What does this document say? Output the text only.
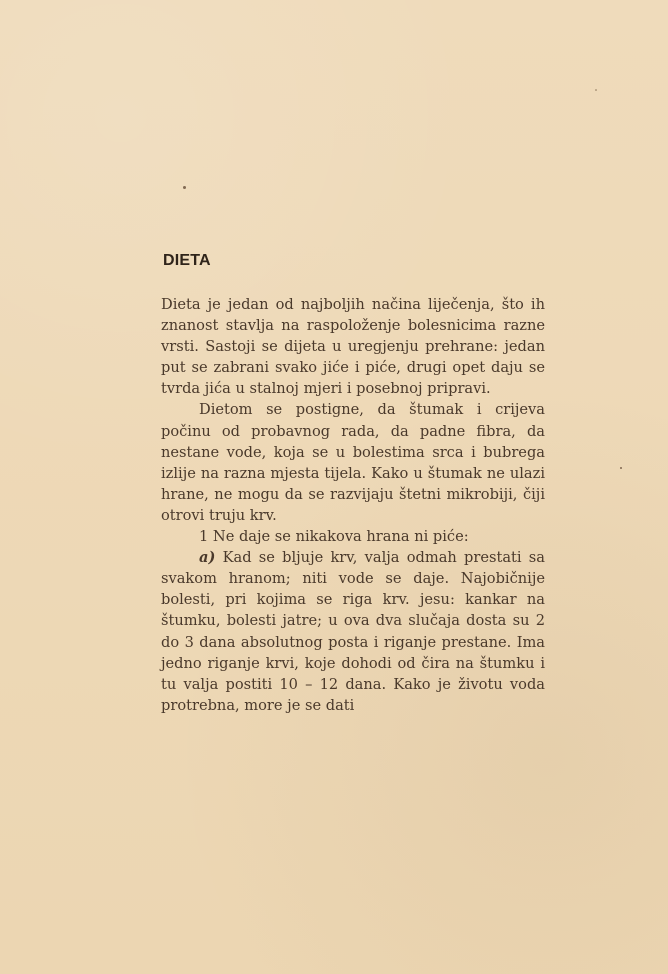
DIETA

Dieta je jedan od najboljih načina liječenja, što ih znanost stavlja na raspoloženje bolesnicima razne vrsti. Sastoji se dijeta u uregjenju prehrane: jedan put se zabrani svako jiće i piće, drugi opet daju se tvrda jića u stalnoj mjeri i posebnoj pripravi.

Dietom se postigne, da štumak i crijeva počinu od probavnog rada, da padne fibra, da nestane vode, koja se u bolestima srca i bubrega izlije na razna mjesta tijela. Kako u štumak ne ulazi hrane, ne mogu da se razvijaju štetni mikrobiji, čiji otrovi truju krv.

1 Ne daje se nikakova hrana ni piće:

a) Kad se bljuje krv, valja odmah prestati sa svakom hranom; niti vode se daje. Najobičnije bolesti, pri kojima se riga krv. jesu: kankar na štumku, bolesti jatre; u ova dva slučaja dosta su 2 do 3 dana absolutnog posta i riganje prestane. Ima jedno riganje krvi, koje dohodi od čira na štumku i tu valja postiti 10 – 12 dana. Kako je životu voda protrebna, more je se dati
